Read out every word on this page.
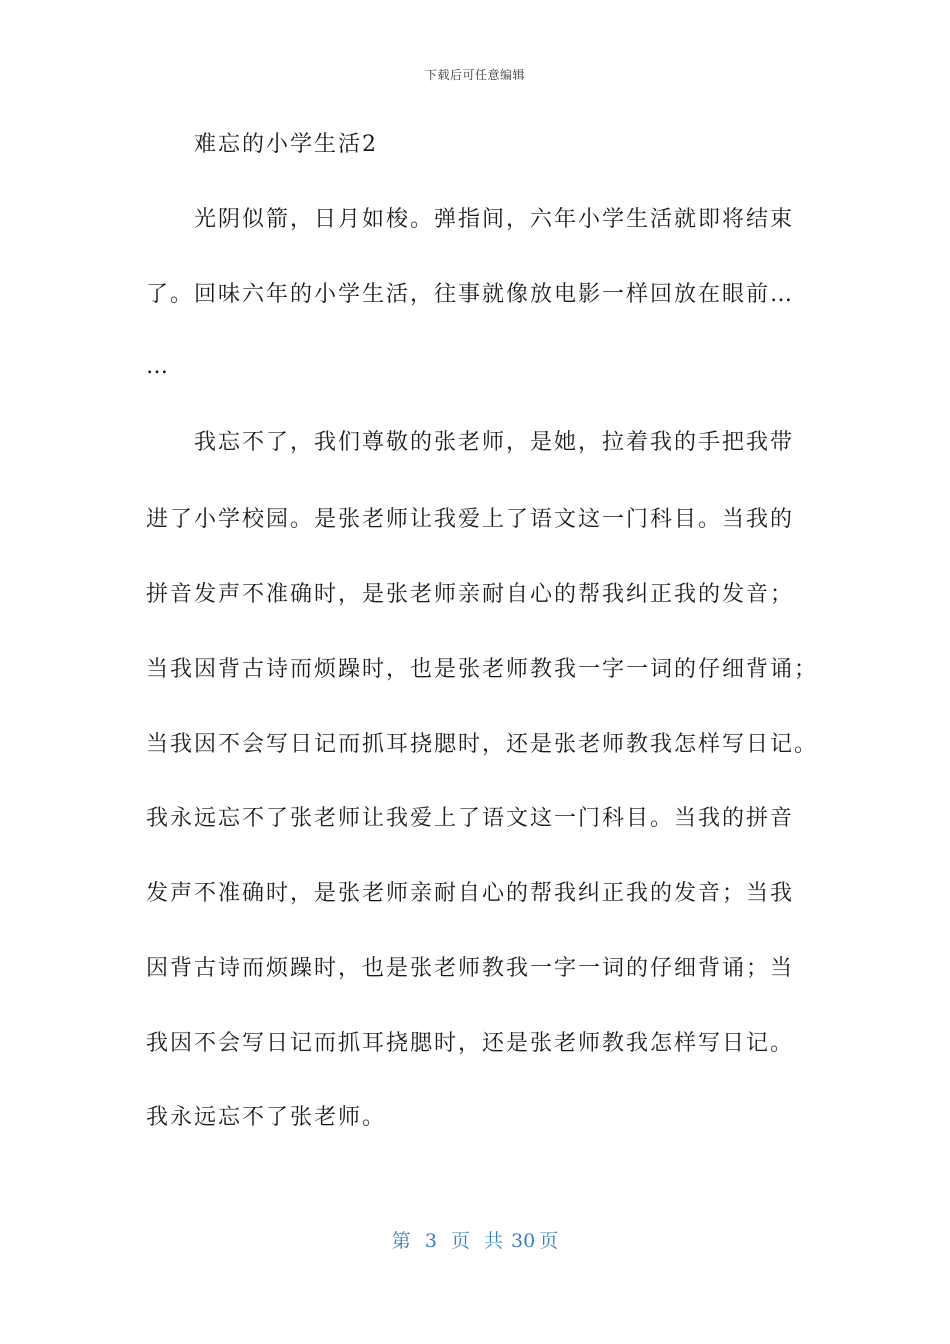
下载后可任意编辑
　　难忘的小学生活2
　　光阴似箭，日月如梭。弹指间，六年小学生活就即将结束
了。回味六年的小学生活，往事就像放电影一样回放在眼前…
…
　　我忘不了，我们尊敬的张老师，是她，拉着我的手把我带
进了小学校园。是张老师让我爱上了语文这一门科目。当我的
拼音发声不准确时，是张老师亲耐自心的帮我纠正我的发音；
当我因背古诗而烦躁时，也是张老师教我一字一词的仔细背诵；
当我因不会写日记而抓耳挠腮时，还是张老师教我怎样写日记。
我永远忘不了张老师让我爱上了语文这一门科目。当我的拼音
发声不准确时，是张老师亲耐自心的帮我纠正我的发音；当我
因背古诗而烦躁时，也是张老师教我一字一词的仔细背诵；当
我因不会写日记而抓耳挠腮时，还是张老师教我怎样写日记。
我永远忘不了张老师。
第 3 页 共 30 页
